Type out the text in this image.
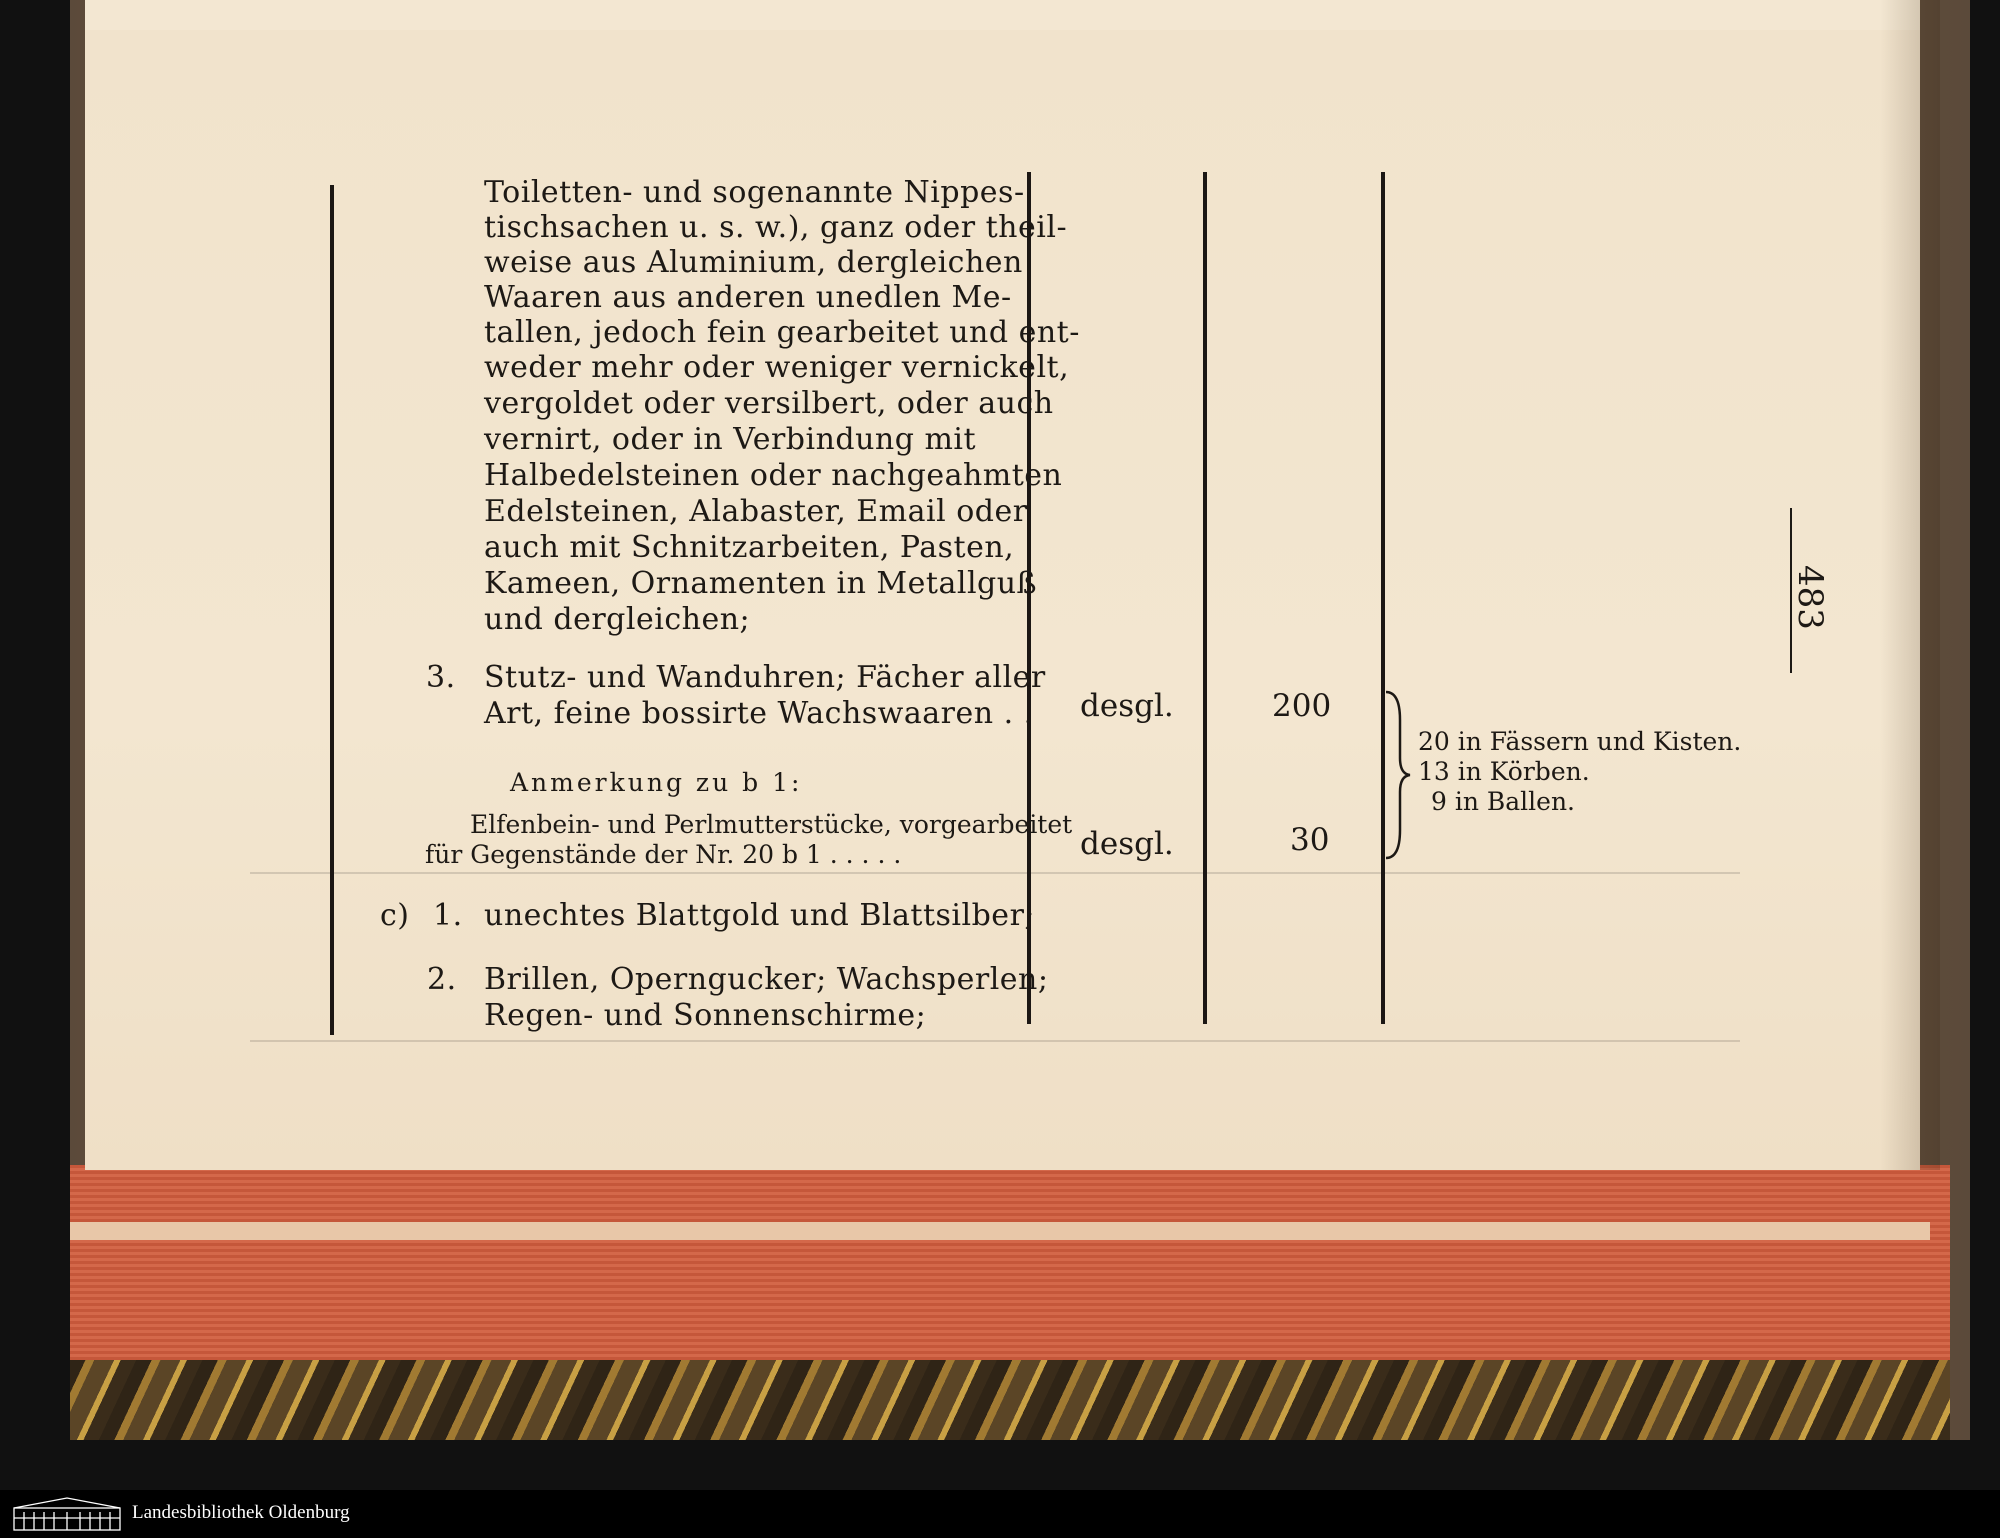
Toiletten- und sogenannte Nippes-
tischsachen u. s. w.), ganz oder theil-
weise aus Aluminium, dergleichen
Waaren aus anderen unedlen Me-
tallen, jedoch fein gearbeitet und ent-
weder mehr oder weniger vernickelt,
vergoldet oder versilbert, oder auch
vernirt, oder in Verbindung mit
Halbedelsteinen oder nachgeahmten
Edelsteinen, Alabaster, Email oder
auch mit Schnitzarbeiten, Pasten,
Kameen, Ornamenten in Metallguß
und dergleichen;
3. Stutz- und Wanduhren; Fächer aller
Art, feine bossirte Wachswaaren . . desgl.	200
Anmerkung zu b 1:
Elfenbein- und Perlmutterstücke, vorgearbeitet
für Gegenstände der Nr. 20 b 1 . . . . .	desgl.	30
20 in Fässern und Kisten.
13 in Körben.
9 in Ballen.
c) 1. unechtes Blattgold und Blattsilber;
2. Brillen, Operngucker; Wachsperlen;
Regen- und Sonnenschirme;
483
Landesbibliothek Oldenburg
